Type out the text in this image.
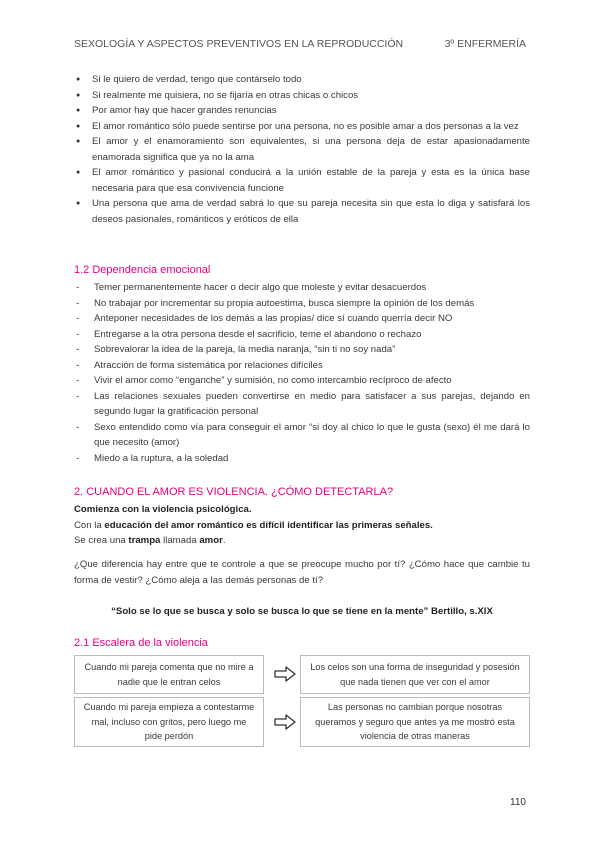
SEXOLOGÍA Y ASPECTOS PREVENTIVOS EN LA REPRODUCCIÓN	3º ENFERMERÍA
● Si le quiero de verdad, tengo que contárselo todo
● Si realmente me quisiera, no se fijaría en otras chicas o chicos
● Por amor hay que hacer grandes renuncias
● El amor romántico sólo puede sentirse por una persona, no es posible amar a dos personas a la vez
● El amor y el enamoramiento son equivalentes, si una persona deja de estar apasionadamente enamorada significa que ya no la ama
● El amor romántico y pasional conducirá a la unión estable de la pareja y esta es la única base necesaria para que esa convivencia funcione
● Una persona que ama de verdad sabrá lo que su pareja necesita sin que esta lo diga y satisfará los deseos pasionales, románticos y eróticos de ella
1.2 Dependencia emocional
- Temer permanentemente hacer o decir algo que moleste y evitar desacuerdos
- No trabajar por incrementar su propia autoestima, busca siempre la opinión de los demás
- Anteponer necesidades de los demás a las propias/ dice sí cuando querría decir NO
- Entregarse a la otra persona desde el sacrificio, teme el abandono o rechazo
- Sobrevalorar la idea de la pareja, la media naranja, “sin ti no soy nada”
- Atracción de forma sistemática por relaciones difíciles
- Vivir el amor como “enganche” y sumisión, no como intercambio recíproco de afecto
- Las relaciones sexuales pueden convertirse en medio para satisfacer a sus parejas, dejando en segundo lugar la gratificación personal
- Sexo entendido como vía para conseguir el amor “si doy al chico lo que le gusta (sexo) él me dará lo que necesito (amor)
- Miedo a la ruptura, a la soledad
2. CUANDO EL AMOR ES VIOLENCIA. ¿CÓMO DETECTARLA?
Comienza con la violencia psicológica.
Con la educación del amor romántico es difícil identificar las primeras señales.
Se crea una trampa llamada amor.
¿Que diferencia hay entre que te controle a que se preocupe mucho por tí? ¿Cómo hace que cambie tu forma de vestir? ¿Cómo aleja a las demás personas de tí?
“Solo se lo que se busca y solo se busca lo que se tiene en la mente” Bertillo, s.XIX
2.1 Escalera de la violencia
Cuando mi pareja comenta que no mire a nadie que le entran celos
Los celos son una forma de inseguridad y posesión que nada tienen que ver con el amor
Cuando mi pareja empieza a contestarme mal, incluso con gritos, pero luego me pide perdón
Las personas no cambian porque nosotras queramos y seguro que antes ya me mostró esta violencia de otras maneras
110
